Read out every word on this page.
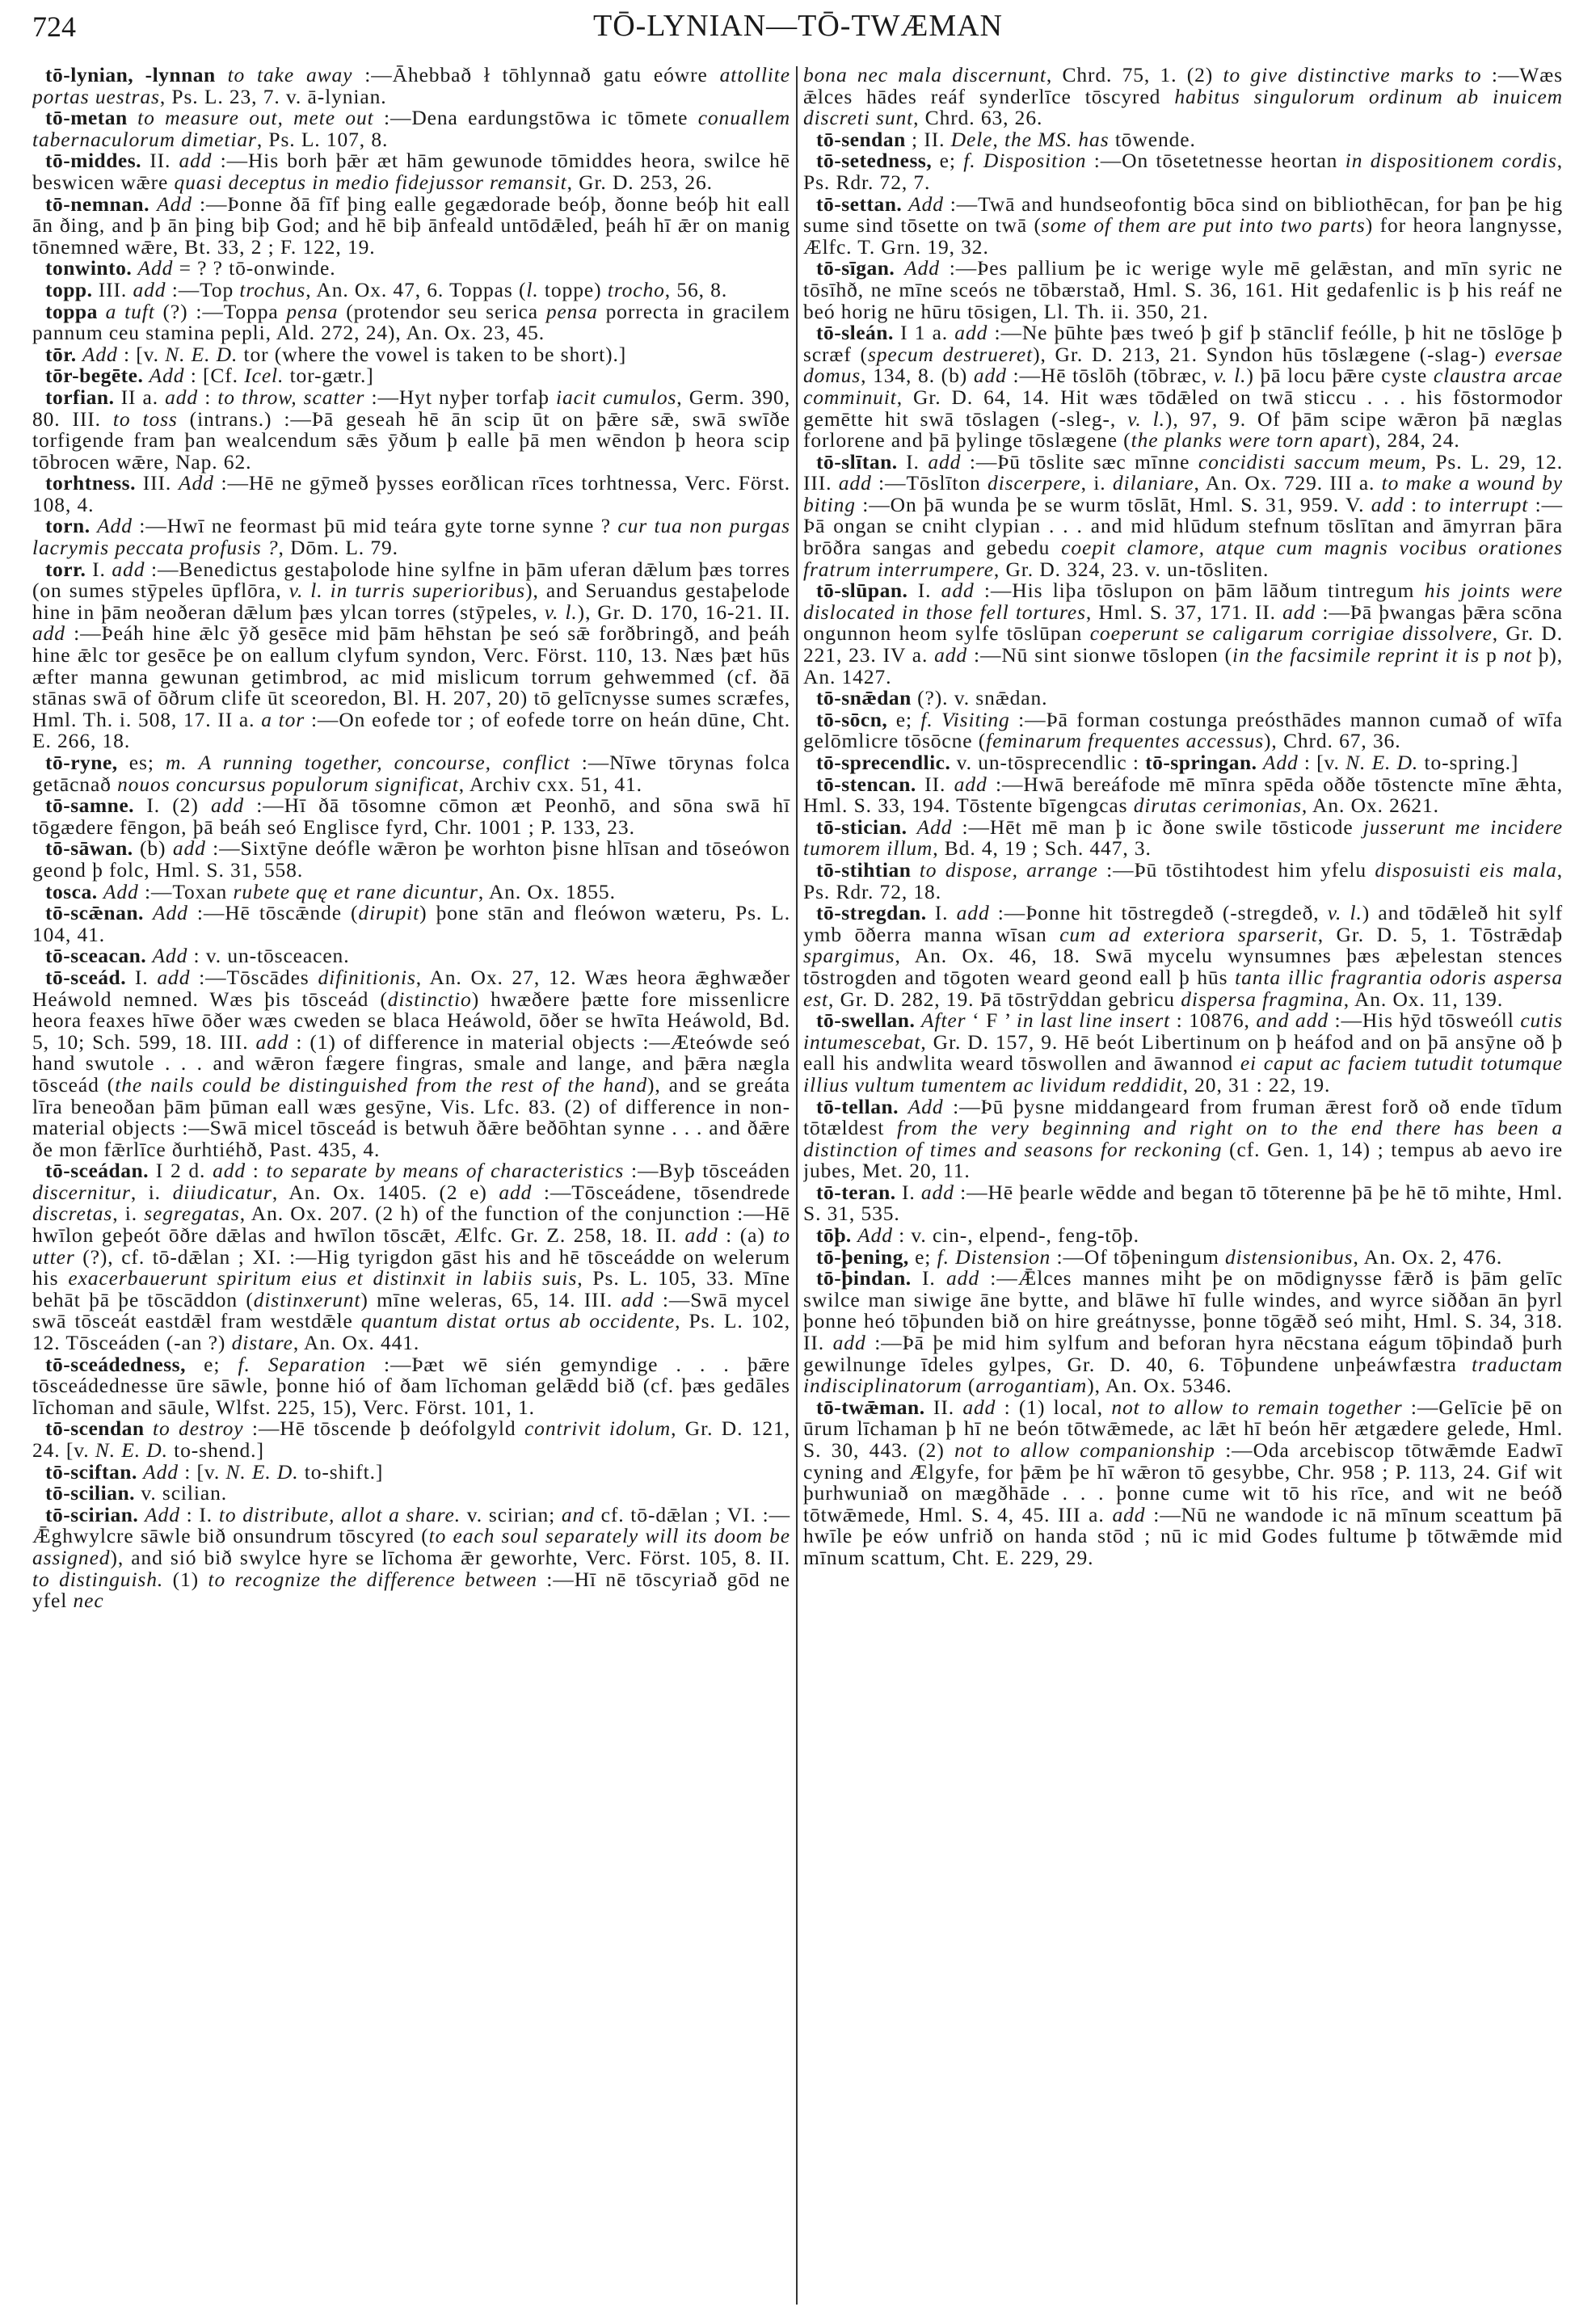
724	TŌ-LYNIAN—TŌ-TWÆMAN

tō-lynian, -lynnan to take away :—Āhebbað ł tōhlynnað gatu eówre attollite portas uestras, Ps. L. 23, 7. v. ā-lynian.

tō-metan to measure out, mete out :—Dena eardungstōwa ic tōmete conuallem tabernaculorum dimetiar, Ps. L. 107, 8.

tō-middes. II. add :—His borh þǣr æt hām gewunode tōmiddes heora, swilce hē beswicen wǣre quasi deceptus in medio fidejussor remansit, Gr. D. 253, 26.

tō-nemnan. Add :—Þonne ðā fīf þing ealle gegædorade beóþ, ðonne beóþ hit eall ān ðing, and þ ān þing biþ God; and hē biþ ānfeald untōdǣled, þeáh hī ǣr on manig tōnemned wǣre, Bt. 33, 2 ; F. 122, 19.

tonwinto. Add = ? ? tō-onwinde.

topp. III. add :—Top trochus, An. Ox. 47, 6. Toppas (l. toppe) trocho, 56, 8.

toppa a tuft (?) :—Toppa pensa (protendor seu serica pensa porrecta in gracilem pannum ceu stamina pepli, Ald. 272, 24), An. Ox. 23, 45.

tōr. Add : [v. N. E. D. tor (where the vowel is taken to be short).]

tōr-begēte. Add : [Cf. Icel. tor-gætr.]

torfian. II a. add : to throw, scatter :—Hyt nyþer torfaþ iacit cumulos, Germ. 390, 80. III. to toss (intrans.) :—Þā geseah hē ān scip ūt on þǣre sǣ, swā swīðe torfigende fram þan wealcendum sǣs ӯðum þ ealle þā men wēndon þ heora scip tōbrocen wǣre, Nap. 62.

torhtness. III. Add :—Hē ne gӯmeð þysses eorðlican rīces torhtnessa, Verc. Först. 108, 4.

torn. Add :—Hwī ne feormast þū mid teára gyte torne synne ? cur tua non purgas lacrymis peccata profusis ?, Dōm. L. 79.

torr. I. add :—Benedictus gestaþolode hine sylfne in þām uferan dǣlum þæs torres (on sumes stӯpeles ūpflōra, v. l. in turris superioribus), and Seruandus gestaþelode hine in þām neoðeran dǣlum þæs ylcan torres (stӯpeles, v. l.), Gr. D. 170, 16-21. II. add :—Þeáh hine ǣlc ӯð gesēce mid þām hēhstan þe seó sǣ forðbringð, and þeáh hine ǣlc tor gesēce þe on eallum clyfum syndon, Verc. Först. 110, 13. Næs þæt hūs æfter manna gewunan getimbrod, ac mid mislicum torrum gehwemmed (cf. ðā stānas swā of ōðrum clife ūt sceoredon, Bl. H. 207, 20) tō gelīcnysse sumes scræfes, Hml. Th. i. 508, 17. II a. a tor :—On eofede tor ; of eofede torre on heán dūne, Cht. E. 266, 18.

tō-ryne, es; m. A running together, concourse, conflict :—Nīwe tōrynas folca getācnað nouos concursus populorum significat, Archiv cxx. 51, 41.

tō-samne. I. (2) add :—Hī ðā tōsomne cōmon æt Peonhō, and sōna swā hī tōgædere fēngon, þā beáh seó Englisce fyrd, Chr. 1001 ; P. 133, 23.

tō-sāwan. (b) add :—Sixtӯne deófle wǣron þe worhton þisne hlīsan and tōseówon geond þ folc, Hml. S. 31, 558.

tosca. Add :—Toxan rubete quę et rane dicuntur, An. Ox. 1855.

tō-scǣnan. Add :—Hē tōscǣnde (dirupit) þone stān and fleówon wæteru, Ps. L. 104, 41.

tō-sceacan. Add : v. un-tōsceacen.

tō-sceád. I. add :—Tōscādes difinitionis, An. Ox. 27, 12. Wæs heora ǣghwæðer Heáwold nemned. Wæs þis tōsceád (distinctio) hwæðere þætte fore missenlicre heora feaxes hīwe ōðer wæs cweden se blaca Heáwold, ōðer se hwīta Heáwold, Bd. 5, 10; Sch. 599, 18. III. add : (1) of difference in material objects :—Æteówde seó hand swutole . . . and wǣron fægere fingras, smale and lange, and þǣra nægla tōsceád (the nails could be distinguished from the rest of the hand), and se greáta līra beneoðan þām þūman eall wæs gesӯne, Vis. Lfc. 83. (2) of difference in non-material objects :—Swā micel tōsceád is betwuh ðǣre beðōhtan synne . . . and ðǣre ðe mon fǣrlīce ðurhtiéhð, Past. 435, 4.

tō-sceádan. I 2 d. add : to separate by means of characteristics :—Byþ tōsceáden discernitur, i. diiudicatur, An. Ox. 1405. (2 e) add :—Tōsceádene, tōsendrede discretas, i. segregatas, An. Ox. 207. (2 h) of the function of the conjunction :—Hē hwīlon geþeót ōðre dǣlas and hwīlon tōscǣt, Ælfc. Gr. Z. 258, 18. II. add : (a) to utter (?), cf. tō-dǣlan ; XI. :—Hig tyrigdon gāst his and hē tōsceádde on welerum his exacerbauerunt spiritum eius et distinxit in labiis suis, Ps. L. 105, 33. Mīne behāt þā þe tōscāddon (distinxerunt) mīne weleras, 65, 14. III. add :—Swā mycel swā tōsceát eastdǣl fram westdǣle quantum distat ortus ab occidente, Ps. L. 102, 12. Tōsceáden (-an ?) distare, An. Ox. 441.

tō-sceádedness, e; f. Separation :—Þæt wē sién gemyndige . . . þǣre tōsceádednesse ūre sāwle, þonne hió of ðam līchoman gelǣdd bið (cf. þæs gedāles līchoman and sāule, Wlfst. 225, 15), Verc. Först. 101, 1.

tō-scendan to destroy :—Hē tōscende þ deófolgyld contrivit idolum, Gr. D. 121, 24. [v. N. E. D. to-shend.]

tō-sciftan. Add : [v. N. E. D. to-shift.]

tō-scilian. v. scilian.

tō-scirian. Add : I. to distribute, allot a share. v. scirian; and cf. tō-dǣlan ; VI. :—Ǣghwylcre sāwle bið onsundrum tōscyred (to each soul separately will its doom be assigned), and sió bið swylce hyre se līchoma ǣr geworhte, Verc. Först. 105, 8. II. to distinguish. (1) to recognize the difference between :—Hī nē tōscyriað gōd ne yfel nec

bona nec mala discernunt, Chrd. 75, 1. (2) to give distinctive marks to :—Wæs ǣlces hādes reáf synderlīce tōscyred habitus singulorum ordinum ab inuicem discreti sunt, Chrd. 63, 26.

tō-sendan ; II. Dele, the MS. has tōwende.

tō-setedness, e; f. Disposition :—On tōsetetnesse heortan in dispositionem cordis, Ps. Rdr. 72, 7.

tō-settan. Add :—Twā and hundseofontig bōca sind on bibliothēcan, for þan þe hig sume sind tōsette on twā (some of them are put into two parts) for heora langnysse, Ælfc. T. Grn. 19, 32.

tō-sīgan. Add :—Þes pallium þe ic werige wyle mē gelǣstan, and mīn syric ne tōsīhð, ne mīne sceós ne tōbærstað, Hml. S. 36, 161. Hit gedafenlic is þ his reáf ne beó horig ne hūru tōsigen, Ll. Th. ii. 350, 21.

tō-sleán. I 1 a. add :—Ne þūhte þæs tweó þ gif þ stānclif feólle, þ hit ne tōslōge þ scræf (specum destrueret), Gr. D. 213, 21. Syndon hūs tōslægene (-slag-) eversae domus, 134, 8. (b) add :—Hē tōslōh (tōbræc, v. l.) þā locu þǣre cyste claustra arcae comminuit, Gr. D. 64, 14. Hit wæs tōdǣled on twā sticcu . . . his fōstormodor gemētte hit swā tōslagen (-sleg-, v. l.), 97, 9. Of þām scipe wǣron þā næglas forlorene and þā þylinge tōslægene (the planks were torn apart), 284, 24.

tō-slītan. I. add :—Þū tōslite sæc mīnne concidisti saccum meum, Ps. L. 29, 12. III. add :—Tōslīton discerpere, i. dilaniare, An. Ox. 729. III a. to make a wound by biting :—On þā wunda þe se wurm tōslāt, Hml. S. 31, 959. V. add : to interrupt :—Þā ongan se cniht clypian . . . and mid hlūdum stefnum tōslītan and āmyrran þāra brōðra sangas and gebedu coepit clamore, atque cum magnis vocibus orationes fratrum interrumpere, Gr. D. 324, 23. v. un-tōsliten.

tō-slūpan. I. add :—His liþa tōslupon on þām lāðum tintregum his joints were dislocated in those fell tortures, Hml. S. 37, 171. II. add :—Þā þwangas þǣra scōna ongunnon heom sylfe tōslūpan coeperunt se caligarum corrigiae dissolvere, Gr. D. 221, 23. IV a. add :—Nū sint sionwe tōslopen (in the facsimile reprint it is p not þ), An. 1427.

tō-snǣdan (?). v. snǣdan.

tō-sōcn, e; f. Visiting :—Þā forman costunga preósthādes mannon cumað of wīfa gelōmlicre tōsōcne (feminarum frequentes accessus), Chrd. 67, 36.

tō-sprecendlic. v. un-tōsprecendlic : tō-springan. Add : [v. N. E. D. to-spring.]

tō-stencan. II. add :—Hwā bereáfode mē mīnra spēda oððe tōstencte mīne ǣhta, Hml. S. 33, 194. Tōstente bīgengcas dirutas cerimonias, An. Ox. 2621.

tō-stician. Add :—Hēt mē man þ ic ðone swile tōsticode jusserunt me incidere tumorem illum, Bd. 4, 19 ; Sch. 447, 3.

tō-stihtian to dispose, arrange :—Þū tōstihtodest him yfelu disposuisti eis mala, Ps. Rdr. 72, 18.

tō-stregdan. I. add :—Þonne hit tōstregdeð (-stregdeð, v. l.) and tōdǣleð hit sylf ymb ōðerra manna wīsan cum ad exteriora sparserit, Gr. D. 5, 1. Tōstrǣdaþ spargimus, An. Ox. 46, 18. Swā mycelu wynsumnes þæs æþelestan stences tōstrogden and tōgoten weard geond eall þ hūs tanta illic fragrantia odoris aspersa est, Gr. D. 282, 19. Þā tōstrӯddan gebricu dispersa fragmina, An. Ox. 11, 139.

tō-swellan. After ‘ F ’ in last line insert : 10876, and add :—His hӯd tōsweóll cutis intumescebat, Gr. D. 157, 9. Hē beót Libertinum on þ heáfod and on þā ansӯne oð þ eall his andwlita weard tōswollen and āwannod ei caput ac faciem tutudit totumque illius vultum tumentem ac lividum reddidit, 20, 31 : 22, 19.

tō-tellan. Add :—Þū þysne middangeard from fruman ǣrest forð oð ende tīdum tōtældest from the very beginning and right on to the end there has been a distinction of times and seasons for reckoning (cf. Gen. 1, 14) ; tempus ab aevo ire jubes, Met. 20, 11.

tō-teran. I. add :—Hē þearle wēdde and began tō tōterenne þā þe hē tō mihte, Hml. S. 31, 535.

tōþ. Add : v. cin-, elpend-, feng-tōþ.

tō-þening, e; f. Distension :—Of tōþeningum distensionibus, An. Ox. 2, 476.

tō-þindan. I. add :—Ǣlces mannes miht þe on mōdignysse fǣrð is þām gelīc swilce man siwige āne bytte, and blāwe hī fulle windes, and wyrce siððan ān þyrl þonne heó tōþunden bið on hire greátnysse, þonne tōgǣð seó miht, Hml. S. 34, 318. II. add :—Þā þe mid him sylfum and beforan hyra nēcstana eágum tōþindað þurh gewilnunge īdeles gylpes, Gr. D. 40, 6. Tōþundene unþeáwfæstra traductam indisciplinatorum (arrogantiam), An. Ox. 5346.

tō-twǣman. II. add : (1) local, not to allow to remain together :—Gelīcie þē on ūrum līchaman þ hī ne beón tōtwǣmede, ac lǣt hī beón hēr ætgædere gelede, Hml. S. 30, 443. (2) not to allow companionship :—Oda arcebiscop tōtwǣmde Eadwī cyning and Ælgyfe, for þǣm þe hī wǣron tō gesybbe, Chr. 958 ; P. 113, 24. Gif wit þurhwuniað on mægðhāde . . . þonne cume wit tō his rīce, and wit ne beóð tōtwǣmede, Hml. S. 4, 45. III a. add :—Nū ne wandode ic nā mīnum sceattum þā hwīle þe eów unfrið on handa stōd ; nū ic mid Godes fultume þ tōtwǣmde mid mīnum scattum, Cht. E. 229, 29.
